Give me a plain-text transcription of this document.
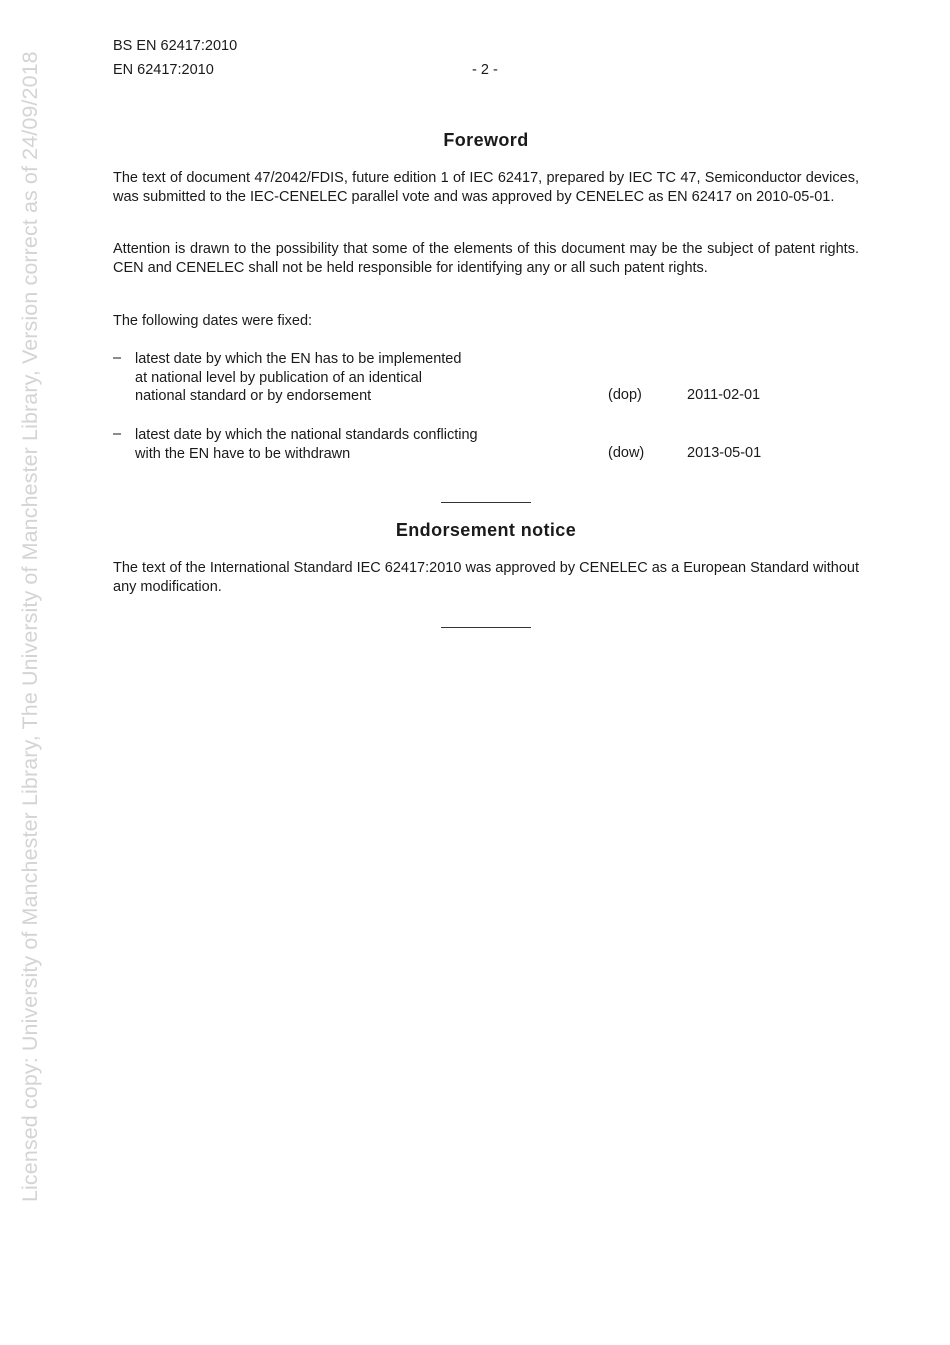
Licensed copy: University of Manchester Library, The University of Manchester Library, Version correct as of 24/09/2018
BS EN 62417:2010
EN 62417:2010	- 2 -
Foreword
The text of document 47/2042/FDIS, future edition 1 of IEC 62417, prepared by IEC TC 47, Semiconductor devices, was submitted to the IEC-CENELEC parallel vote and was approved by CENELEC as EN 62417 on 2010-05-01.
Attention is drawn to the possibility that some of the elements of this document may be the subject of patent rights. CEN and CENELEC shall not be held responsible for identifying any or all such patent rights.
The following dates were fixed:
– latest date by which the EN has to be implemented
at national level by publication of an identical
national standard or by endorsement	(dop)	2011-02-01
– latest date by which the national standards conflicting
with the EN have to be withdrawn	(dow)	2013-05-01
Endorsement notice
The text of the International Standard IEC 62417:2010 was approved by CENELEC as a European Standard without any modification.
